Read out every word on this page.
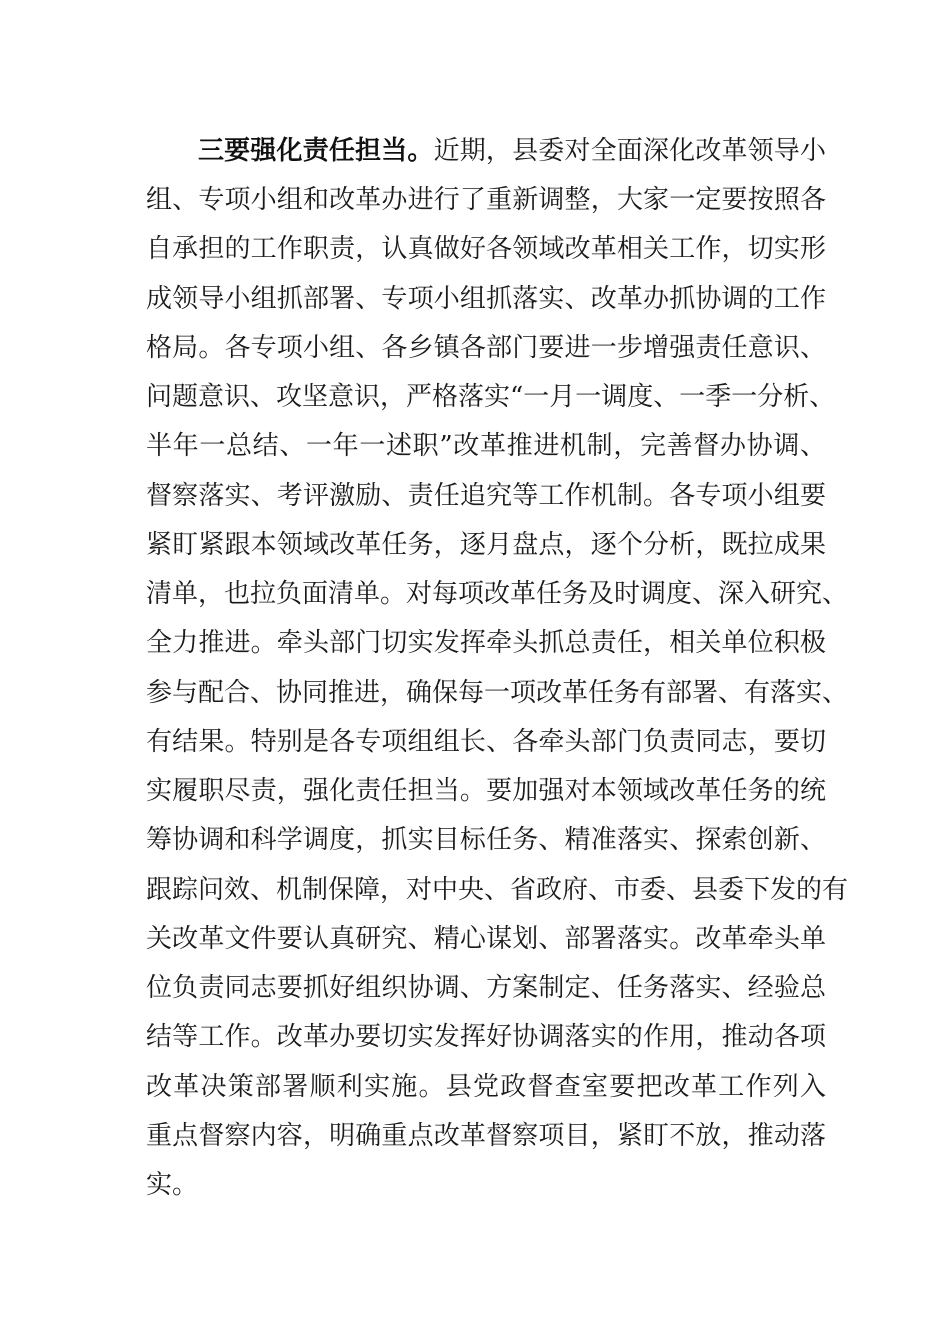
三要强化责任担当。近期，县委对全面深化改革领导小
组、专项小组和改革办进行了重新调整，大家一定要按照各
自承担的工作职责，认真做好各领域改革相关工作，切实形
成领导小组抓部署、专项小组抓落实、改革办抓协调的工作
格局。各专项小组、各乡镇各部门要进一步增强责任意识、
问题意识、攻坚意识，严格落实“一月一调度、一季一分析、
半年一总结、一年一述职”改革推进机制，完善督办协调、
督察落实、考评激励、责任追究等工作机制。各专项小组要
紧盯紧跟本领域改革任务，逐月盘点，逐个分析，既拉成果
清单，也拉负面清单。对每项改革任务及时调度、深入研究、
全力推进。牵头部门切实发挥牵头抓总责任，相关单位积极
参与配合、协同推进，确保每一项改革任务有部署、有落实、
有结果。特别是各专项组组长、各牵头部门负责同志，要切
实履职尽责，强化责任担当。要加强对本领域改革任务的统
筹协调和科学调度，抓实目标任务、精准落实、探索创新、
跟踪问效、机制保障，对中央、省政府、市委、县委下发的有
关改革文件要认真研究、精心谋划、部署落实。改革牵头单
位负责同志要抓好组织协调、方案制定、任务落实、经验总
结等工作。改革办要切实发挥好协调落实的作用，推动各项
改革决策部署顺利实施。县党政督查室要把改革工作列入
重点督察内容，明确重点改革督察项目，紧盯不放，推动落
实。
